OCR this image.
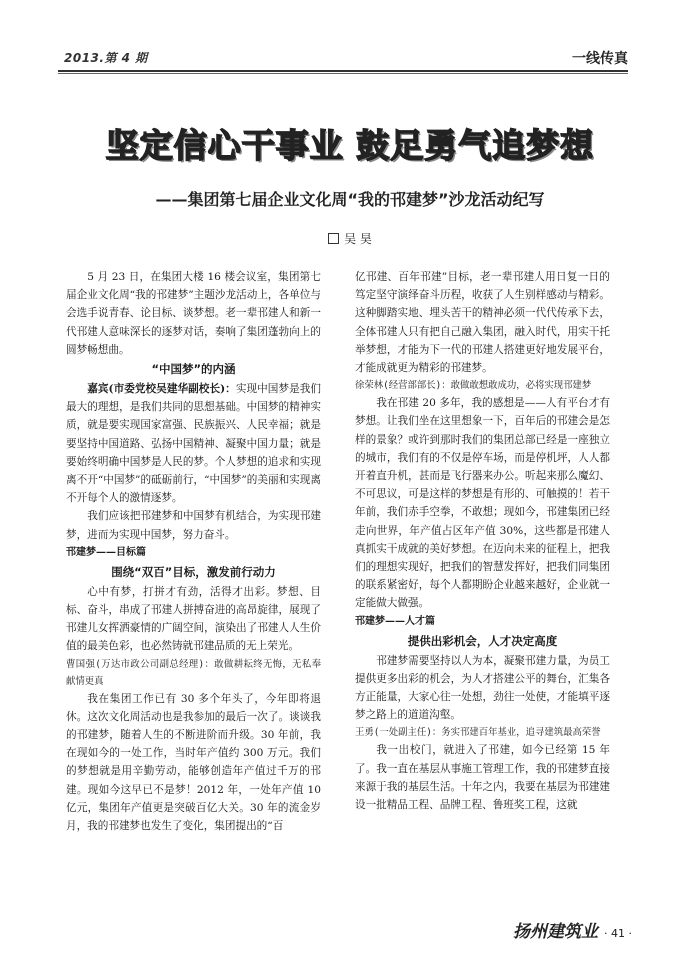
2013.第 4 期	一线传真
坚定信心干事业 鼓足勇气追梦想
——集团第七届企业文化周“我的邗建梦”沙龙活动纪写
吴 昊

5 月 23 日，在集团大楼 16 楼会议室，集团第七届企业文化周“我的邗建梦”主题沙龙活动上，各单位与会选手说青春、论目标、谈梦想。老一辈邗建人和新一代邗建人意味深长的逐梦对话，奏响了集团蓬勃向上的圆梦畅想曲。

“中国梦”的内涵

嘉宾(市委党校吴建华副校长)：实现中国梦是我们最大的理想，是我们共同的思想基础。中国梦的精神实质，就是要实现国家富强、民族振兴、人民幸福；就是要坚持中国道路、弘扬中国精神、凝聚中国力量；就是要始终明确中国梦是人民的梦。个人梦想的追求和实现离不开“中国梦”的砥砺前行，“中国梦”的美丽和实现离不开每个人的激情逐梦。

我们应该把邗建梦和中国梦有机结合，为实现邗建梦，进而为实现中国梦，努力奋斗。

邗建梦——目标篇
围绕“双百”目标，激发前行动力

心中有梦，打拼才有劲，活得才出彩。梦想、目标、奋斗，串成了邗建人拼搏奋进的高昂旋律，展现了邗建儿女挥洒豪情的广阔空间，演染出了邗建人人生价值的最美色彩，也必然铸就邗建品质的无上荣光。

曹国强(万达市政公司副总经理)：敢做耕耘终无悔，无私奉献情更真

我在集团工作已有 30 多个年头了，今年即将退休。这次文化周活动也是我参加的最后一次了。谈谈我的邗建梦，随着人生的不断进阶而升级。30 年前，我在现如今的一处工作，当时年产值约 300 万元。我们的梦想就是用辛勤劳动，能够创造年产值过千万的邗建。现如今这早已不是梦！2012 年，一处年产值 10 亿元，集团年产值更是突破百亿大关。30 年的流金岁月，我的邗建梦也发生了变化，集团提出的“百

亿邗建、百年邗建”目标，老一辈邗建人用日复一日的笃定坚守演绎奋斗历程，收获了人生别样感动与精彩。这种脚踏实地、埋头苦干的精神必须一代代传承下去，全体邗建人只有把自己融入集团，融入时代，用实干托举梦想，才能为下一代的邗建人搭建更好地发展平台，才能成就更为精彩的邗建梦。

徐荣林(经营部部长)：敢做敢想敢成功，必将实现邗建梦

我在邗建 20 多年，我的感想是——人有平台才有梦想。让我们坐在这里想象一下，百年后的邗建会是怎样的景象？或许到那时我们的集团总部已经是一座独立的城市，我们有的不仅是停车场，而是停机坪，人人都开着直升机，甚而是飞行器来办公。听起来那么魔幻、不可思议，可是这样的梦想是有形的、可触摸的！若干年前，我们赤手空拳，不敢想；现如今，邗建集团已经走向世界，年产值占区年产值 30%，这些都是邗建人真抓实干成就的美好梦想。在迈向未来的征程上，把我们的理想实现好，把我们的智慧发挥好，把我们同集团的联系紧密好，每个人都期盼企业越来越好，企业就一定能做大做强。

邗建梦——人才篇
提供出彩机会，人才决定高度

邗建梦需要坚持以人为本，凝聚邗建力量，为员工提供更多出彩的机会，为人才搭建公平的舞台，汇集各方正能量，大家心往一处想，劲往一处使，才能填平逐梦之路上的道道沟壑。

王勇(一处副主任)：务实邗建百年基业，追寻建筑最高荣誉

我一出校门，就进入了邗建，如今已经第 15 年了。我一直在基层从事施工管理工作，我的邗建梦直接来源于我的基层生活。十年之内，我要在基层为邗建建设一批精品工程、品牌工程、鲁班奖工程，这就

扬州建筑业 · 41 ·
